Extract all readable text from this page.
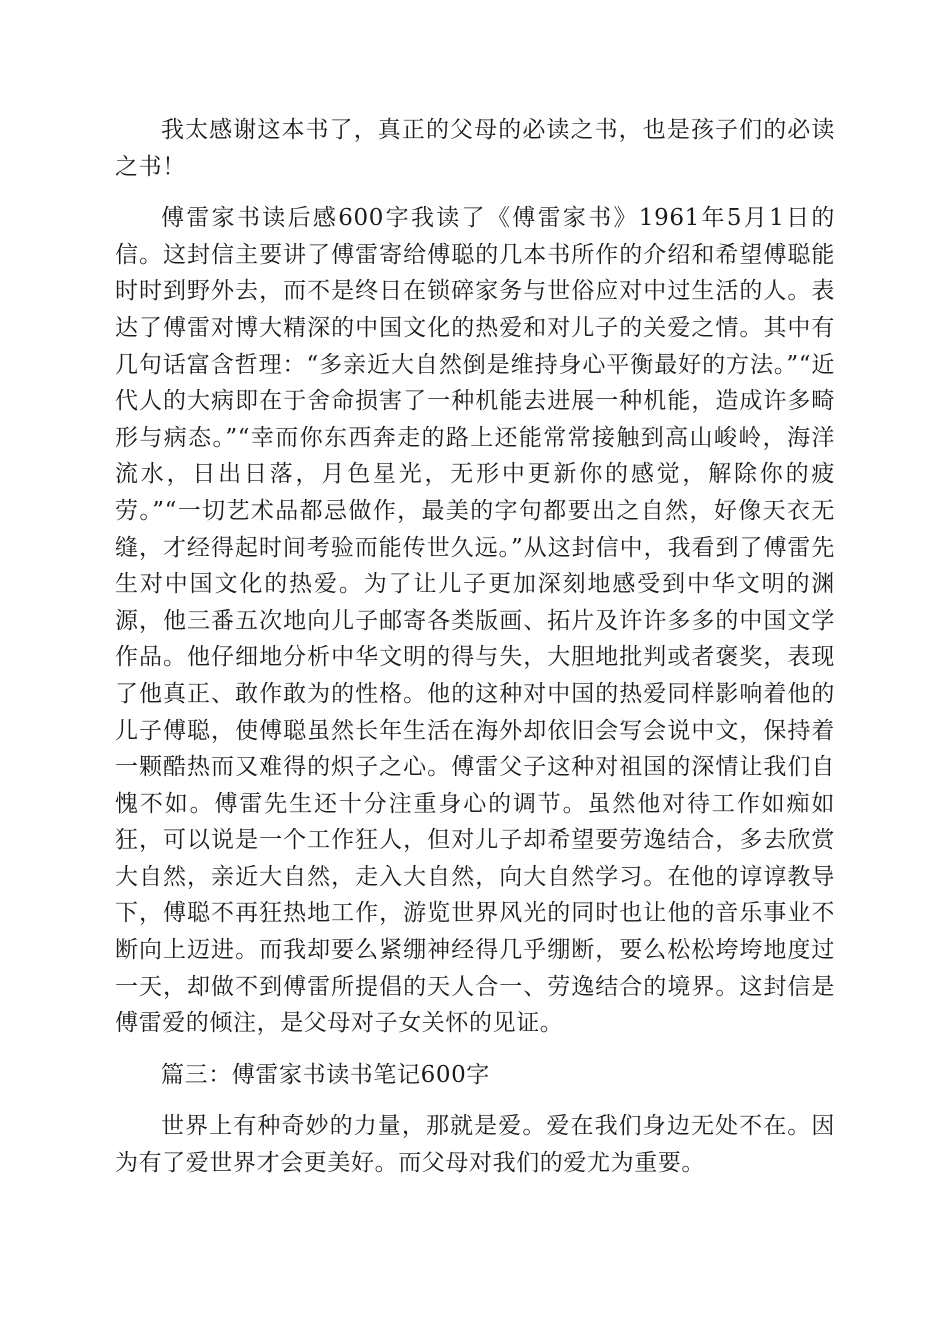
我太感谢这本书了，真正的父母的必读之书，也是孩子们的必读之书！

傅雷家书读后感600字我读了《傅雷家书》1961年5月1日的信。这封信主要讲了傅雷寄给傅聪的几本书所作的介绍和希望傅聪能时时到野外去，而不是终日在锁碎家务与世俗应对中过生活的人。表达了傅雷对博大精深的中国文化的热爱和对儿子的关爱之情。其中有几句话富含哲理：“多亲近大自然倒是维持身心平衡最好的方法。”“近代人的大病即在于舍命损害了一种机能去进展一种机能，造成许多畸形与病态。”“幸而你东西奔走的路上还能常常接触到高山峻岭，海洋流水，日出日落，月色星光，无形中更新你的感觉，解除你的疲劳。”“一切艺术品都忌做作，最美的字句都要出之自然，好像天衣无缝，才经得起时间考验而能传世久远。”从这封信中，我看到了傅雷先生对中国文化的热爱。为了让儿子更加深刻地感受到中华文明的渊源，他三番五次地向儿子邮寄各类版画、拓片及许许多多的中国文学作品。他仔细地分析中华文明的得与失，大胆地批判或者褒奖，表现了他真正、敢作敢为的性格。他的这种对中国的热爱同样影响着他的儿子傅聪，使傅聪虽然长年生活在海外却依旧会写会说中文，保持着一颗酷热而又难得的炽子之心。傅雷父子这种对祖国的深情让我们自愧不如。傅雷先生还十分注重身心的调节。虽然他对待工作如痴如狂，可以说是一个工作狂人，但对儿子却希望要劳逸结合，多去欣赏大自然，亲近大自然，走入大自然，向大自然学习。在他的谆谆教导下，傅聪不再狂热地工作，游览世界风光的同时也让他的音乐事业不断向上迈进。而我却要么紧绷神经得几乎绷断，要么松松垮垮地度过一天，却做不到傅雷所提倡的天人合一、劳逸结合的境界。这封信是傅雷爱的倾注，是父母对子女关怀的见证。

篇三：傅雷家书读书笔记600字

世界上有种奇妙的力量，那就是爱。爱在我们身边无处不在。因为有了爱世界才会更美好。而父母对我们的爱尤为重要。
